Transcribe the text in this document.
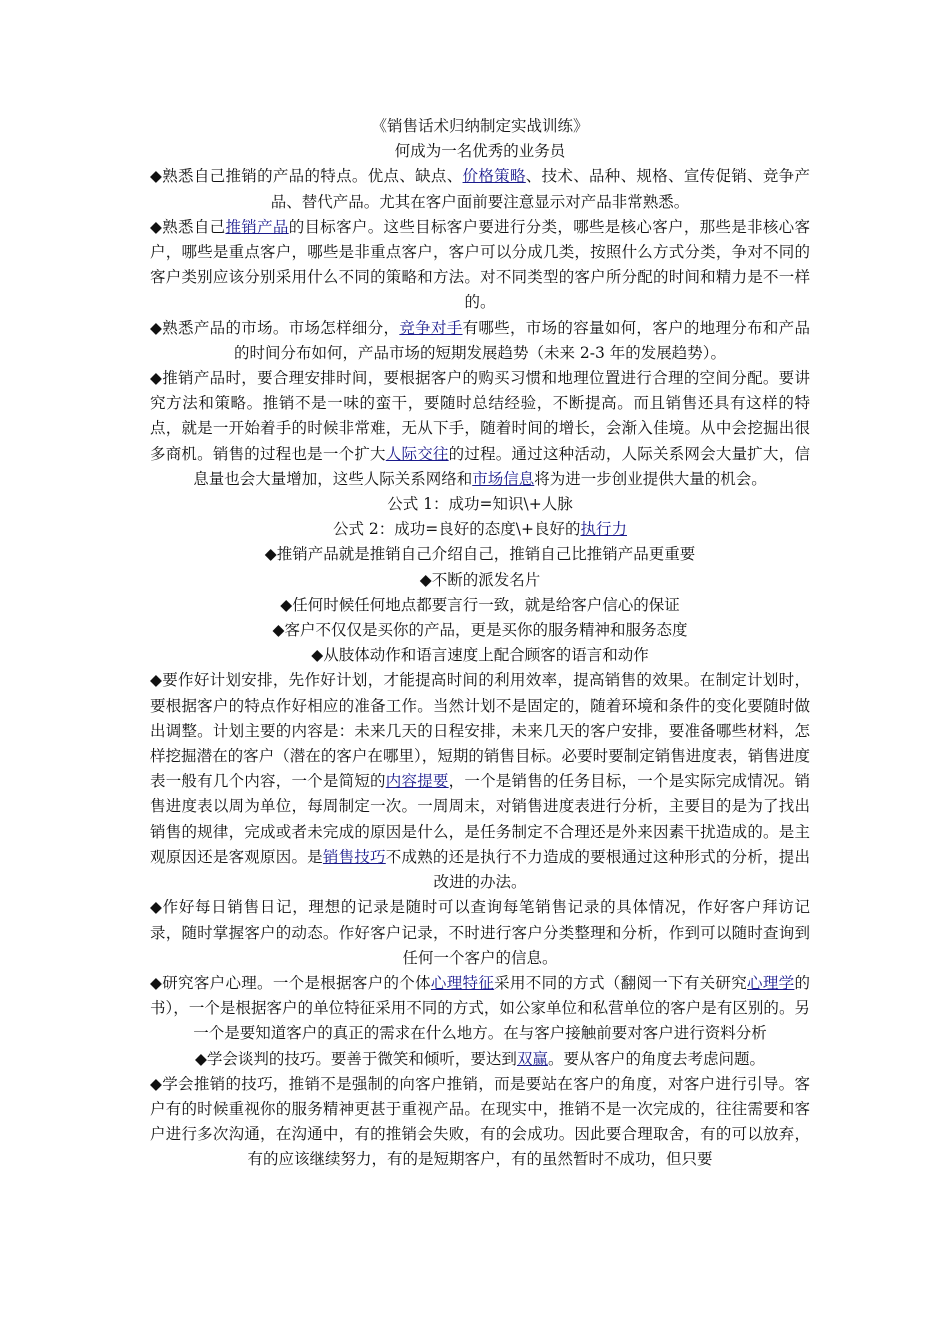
《销售话术归纳制定实战训练》

何成为一名优秀的业务员

◆熟悉自己推销的产品的特点。优点、缺点、价格策略、技术、品种、规格、宣传促销、竞争产品、替代产品。尤其在客户面前要注意显示对产品非常熟悉。

◆熟悉自己推销产品的目标客户。这些目标客户要进行分类，哪些是核心客户，那些是非核心客户，哪些是重点客户，哪些是非重点客户，客户可以分成几类，按照什么方式分类，争对不同的客户类别应该分别采用什么不同的策略和方法。对不同类型的客户所分配的时间和精力是不一样的。

◆熟悉产品的市场。市场怎样细分，竞争对手有哪些，市场的容量如何，客户的地理分布和产品的时间分布如何，产品市场的短期发展趋势（未来 2-3 年的发展趋势）。

◆推销产品时，要合理安排时间，要根据客户的购买习惯和地理位置进行合理的空间分配。要讲究方法和策略。推销不是一味的蛮干，要随时总结经验，不断提高。而且销售还具有这样的特点，就是一开始着手的时候非常难，无从下手，随着时间的增长，会渐入佳境。从中会挖掘出很多商机。销售的过程也是一个扩大人际交往的过程。通过这种活动，人际关系网会大量扩大，信息量也会大量增加，这些人际关系网络和市场信息将为进一步创业提供大量的机会。

公式 1：成功=知识\+人脉

公式 2：成功=良好的态度\+良好的执行力

◆推销产品就是推销自己介绍自己，推销自己比推销产品更重要

◆不断的派发名片

◆任何时候任何地点都要言行一致，就是给客户信心的保证

◆客户不仅仅是买你的产品，更是买你的服务精神和服务态度

◆从肢体动作和语言速度上配合顾客的语言和动作

◆要作好计划安排，先作好计划，才能提高时间的利用效率，提高销售的效果。在制定计划时，要根据客户的特点作好相应的准备工作。当然计划不是固定的，随着环境和条件的变化要随时做出调整。计划主要的内容是：未来几天的日程安排，未来几天的客户安排，要准备哪些材料，怎样挖掘潜在的客户（潜在的客户在哪里），短期的销售目标。必要时要制定销售进度表，销售进度表一般有几个内容，一个是简短的内容提要，一个是销售的任务目标，一个是实际完成情况。销售进度表以周为单位，每周制定一次。一周周末，对销售进度表进行分析，主要目的是为了找出销售的规律，完成或者未完成的原因是什么，是任务制定不合理还是外来因素干扰造成的。是主观原因还是客观原因。是销售技巧不成熟的还是执行不力造成的要根通过这种形式的分析，提出改进的办法。

◆作好每日销售日记，理想的记录是随时可以查询每笔销售记录的具体情况，作好客户拜访记录，随时掌握客户的动态。作好客户记录，不时进行客户分类整理和分析，作到可以随时查询到任何一个客户的信息。

◆研究客户心理。一个是根据客户的个体心理特征采用不同的方式（翻阅一下有关研究心理学的书），一个是根据客户的单位特征采用不同的方式，如公家单位和私营单位的客户是有区别的。另一个是要知道客户的真正的需求在什么地方。在与客户接触前要对客户进行资料分析

◆学会谈判的技巧。要善于微笑和倾听，要达到双赢。要从客户的角度去考虑问题。

◆学会推销的技巧，推销不是强制的向客户推销，而是要站在客户的角度，对客户进行引导。客户有的时候重视你的服务精神更甚于重视产品。在现实中，推销不是一次完成的，往往需要和客户进行多次沟通，在沟通中，有的推销会失败，有的会成功。因此要合理取舍，有的可以放弃，有的应该继续努力，有的是短期客户，有的虽然暂时不成功，但只要
